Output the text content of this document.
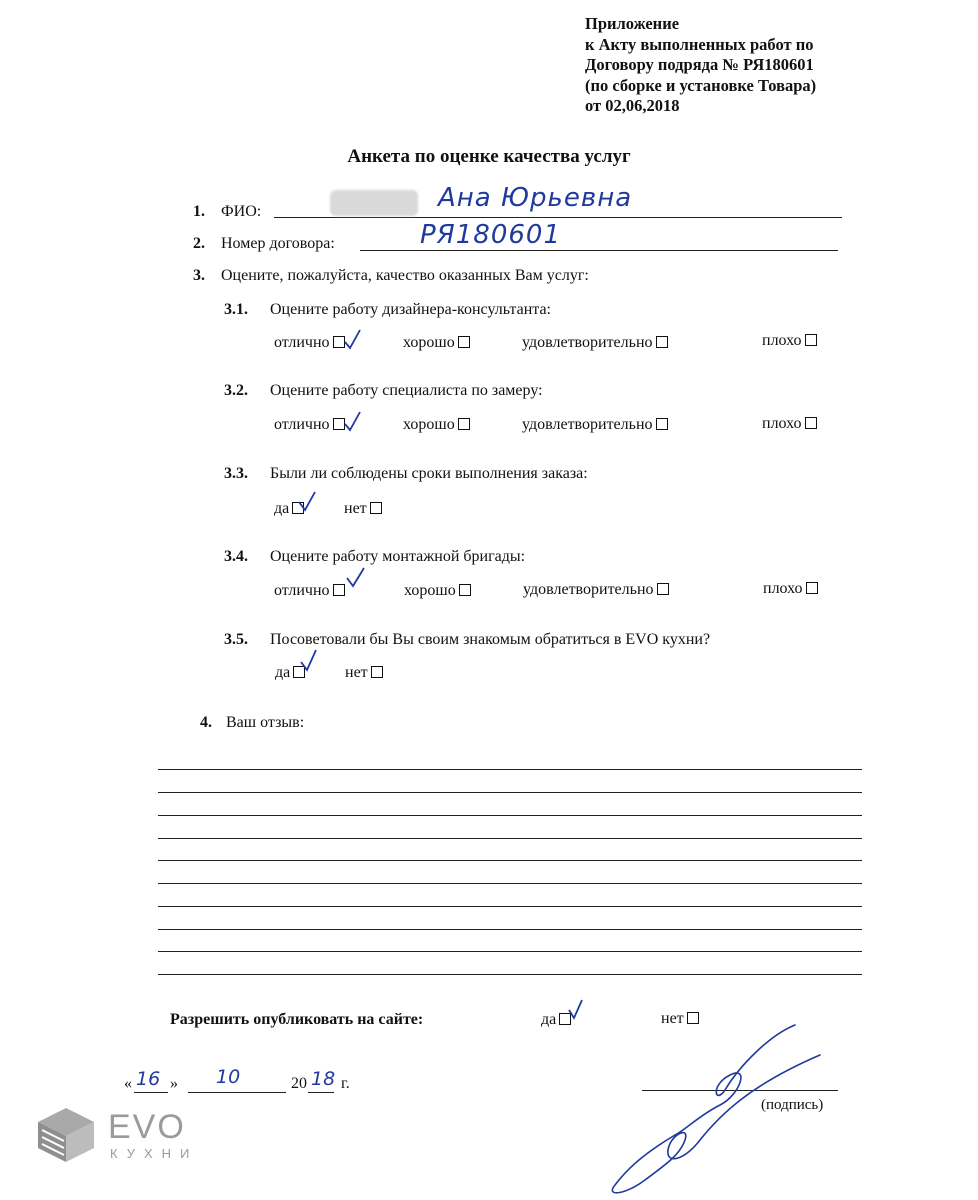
Приложение
к Акту выполненных работ по
Договору подряда № РЯ180601
(по сборке и установке Товара)
от 02,06,2018
Анкета по оценке качества услуг
1. ФИО:	Ана Юрьевна
2. Номер договора:	РЯ180601
3. Оцените, пожалуйста, качество оказанных Вам услуг:
3.1. Оцените работу дизайнера-консультанта:
отлично	хорошо	удовлетворительно	плохо
3.2. Оцените работу специалиста по замеру:
отлично	хорошо	удовлетворительно	плохо
3.3. Были ли соблюдены сроки выполнения заказа:
да	нет
3.4. Оцените работу монтажной бригады:
отлично	хорошо	удовлетворительно	плохо
3.5. Посоветовали бы Вы своим знакомым обратиться в EVO кухни?
да	нет
4. Ваш отзыв:
Разрешить опубликовать на сайте:	да	нет
« 16 » 10	20 18 г.
(подпись)
EVO
КУХНИ
